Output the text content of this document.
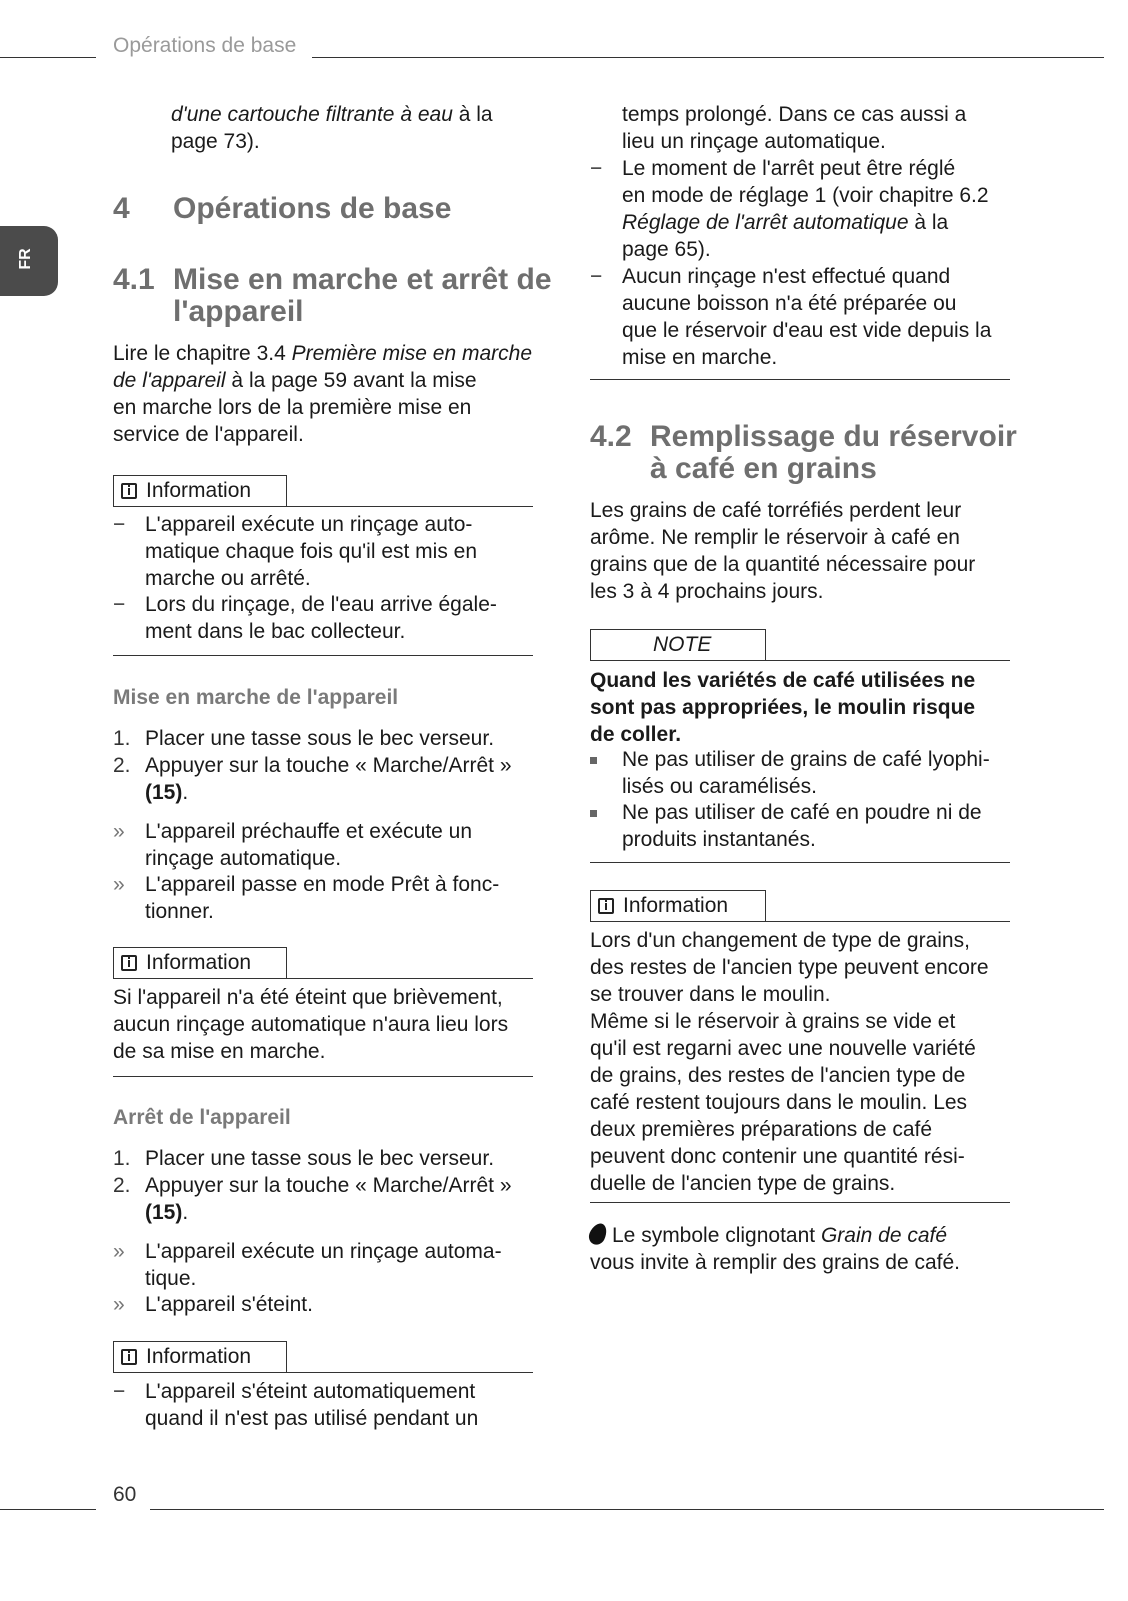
Opérations de base
FR

d'une cartouche filtrante à eau à la

page 73).

4 Opérations de base
4.1 Mise en marche et arrêt de
l'appareil

Lire le chapitre 3.4 Première mise en marche

de l'appareil à la page 59 avant la mise

en marche lors de la première mise en

service de l'appareil.

Information
− L'appareil exécute un rinçage auto-
matique chaque fois qu'il est mis en
marche ou arrêté.
− Lors du rinçage, de l'eau arrive égale-
ment dans le bac collecteur.
Mise en marche de l'appareil
1. Placer une tasse sous le bec verseur.
2. Appuyer sur la touche « Marche/Arrêt »
(15).
» L'appareil préchauffe et exécute un
rinçage automatique.
» L'appareil passe en mode Prêt à fonc-
tionner.
Information

Si l'appareil n'a été éteint que brièvement,

aucun rinçage automatique n'aura lieu lors

de sa mise en marche.

Arrêt de l'appareil
1. Placer une tasse sous le bec verseur.
2. Appuyer sur la touche « Marche/Arrêt »
(15).
» L'appareil exécute un rinçage automa-
tique.
» L'appareil s'éteint.
Information
− L'appareil s'éteint automatiquement
quand il n'est pas utilisé pendant un

temps prolongé. Dans ce cas aussi a

lieu un rinçage automatique.

− Le moment de l'arrêt peut être réglé
en mode de réglage 1 (voir chapitre 6.2
Réglage de l'arrêt automatique à la
page 65).
− Aucun rinçage n'est effectué quand
aucune boisson n'a été préparée ou
que le réservoir d'eau est vide depuis la
mise en marche.
4.2 Remplissage du réservoir
à café en grains

Les grains de café torréfiés perdent leur

arôme. Ne remplir le réservoir à café en

grains que de la quantité nécessaire pour

les 3 à 4 prochains jours.

NOTE

Quand les variétés de café utilisées ne

sont pas appropriées, le moulin risque

de coller.

Ne pas utiliser de grains de café lyophi-
lisés ou caramélisés.
Ne pas utiliser de café en poudre ni de
produits instantanés.
Information

Lors d'un changement de type de grains,

des restes de l'ancien type peuvent encore

se trouver dans le moulin.

Même si le réservoir à grains se vide et

qu'il est regarni avec une nouvelle variété

de grains, des restes de l'ancien type de

café restent toujours dans le moulin. Les

deux premières préparations de café

peuvent donc contenir une quantité rési-

duelle de l'ancien type de grains.

Le symbole clignotant Grain de café

vous invite à remplir des grains de café.

60
